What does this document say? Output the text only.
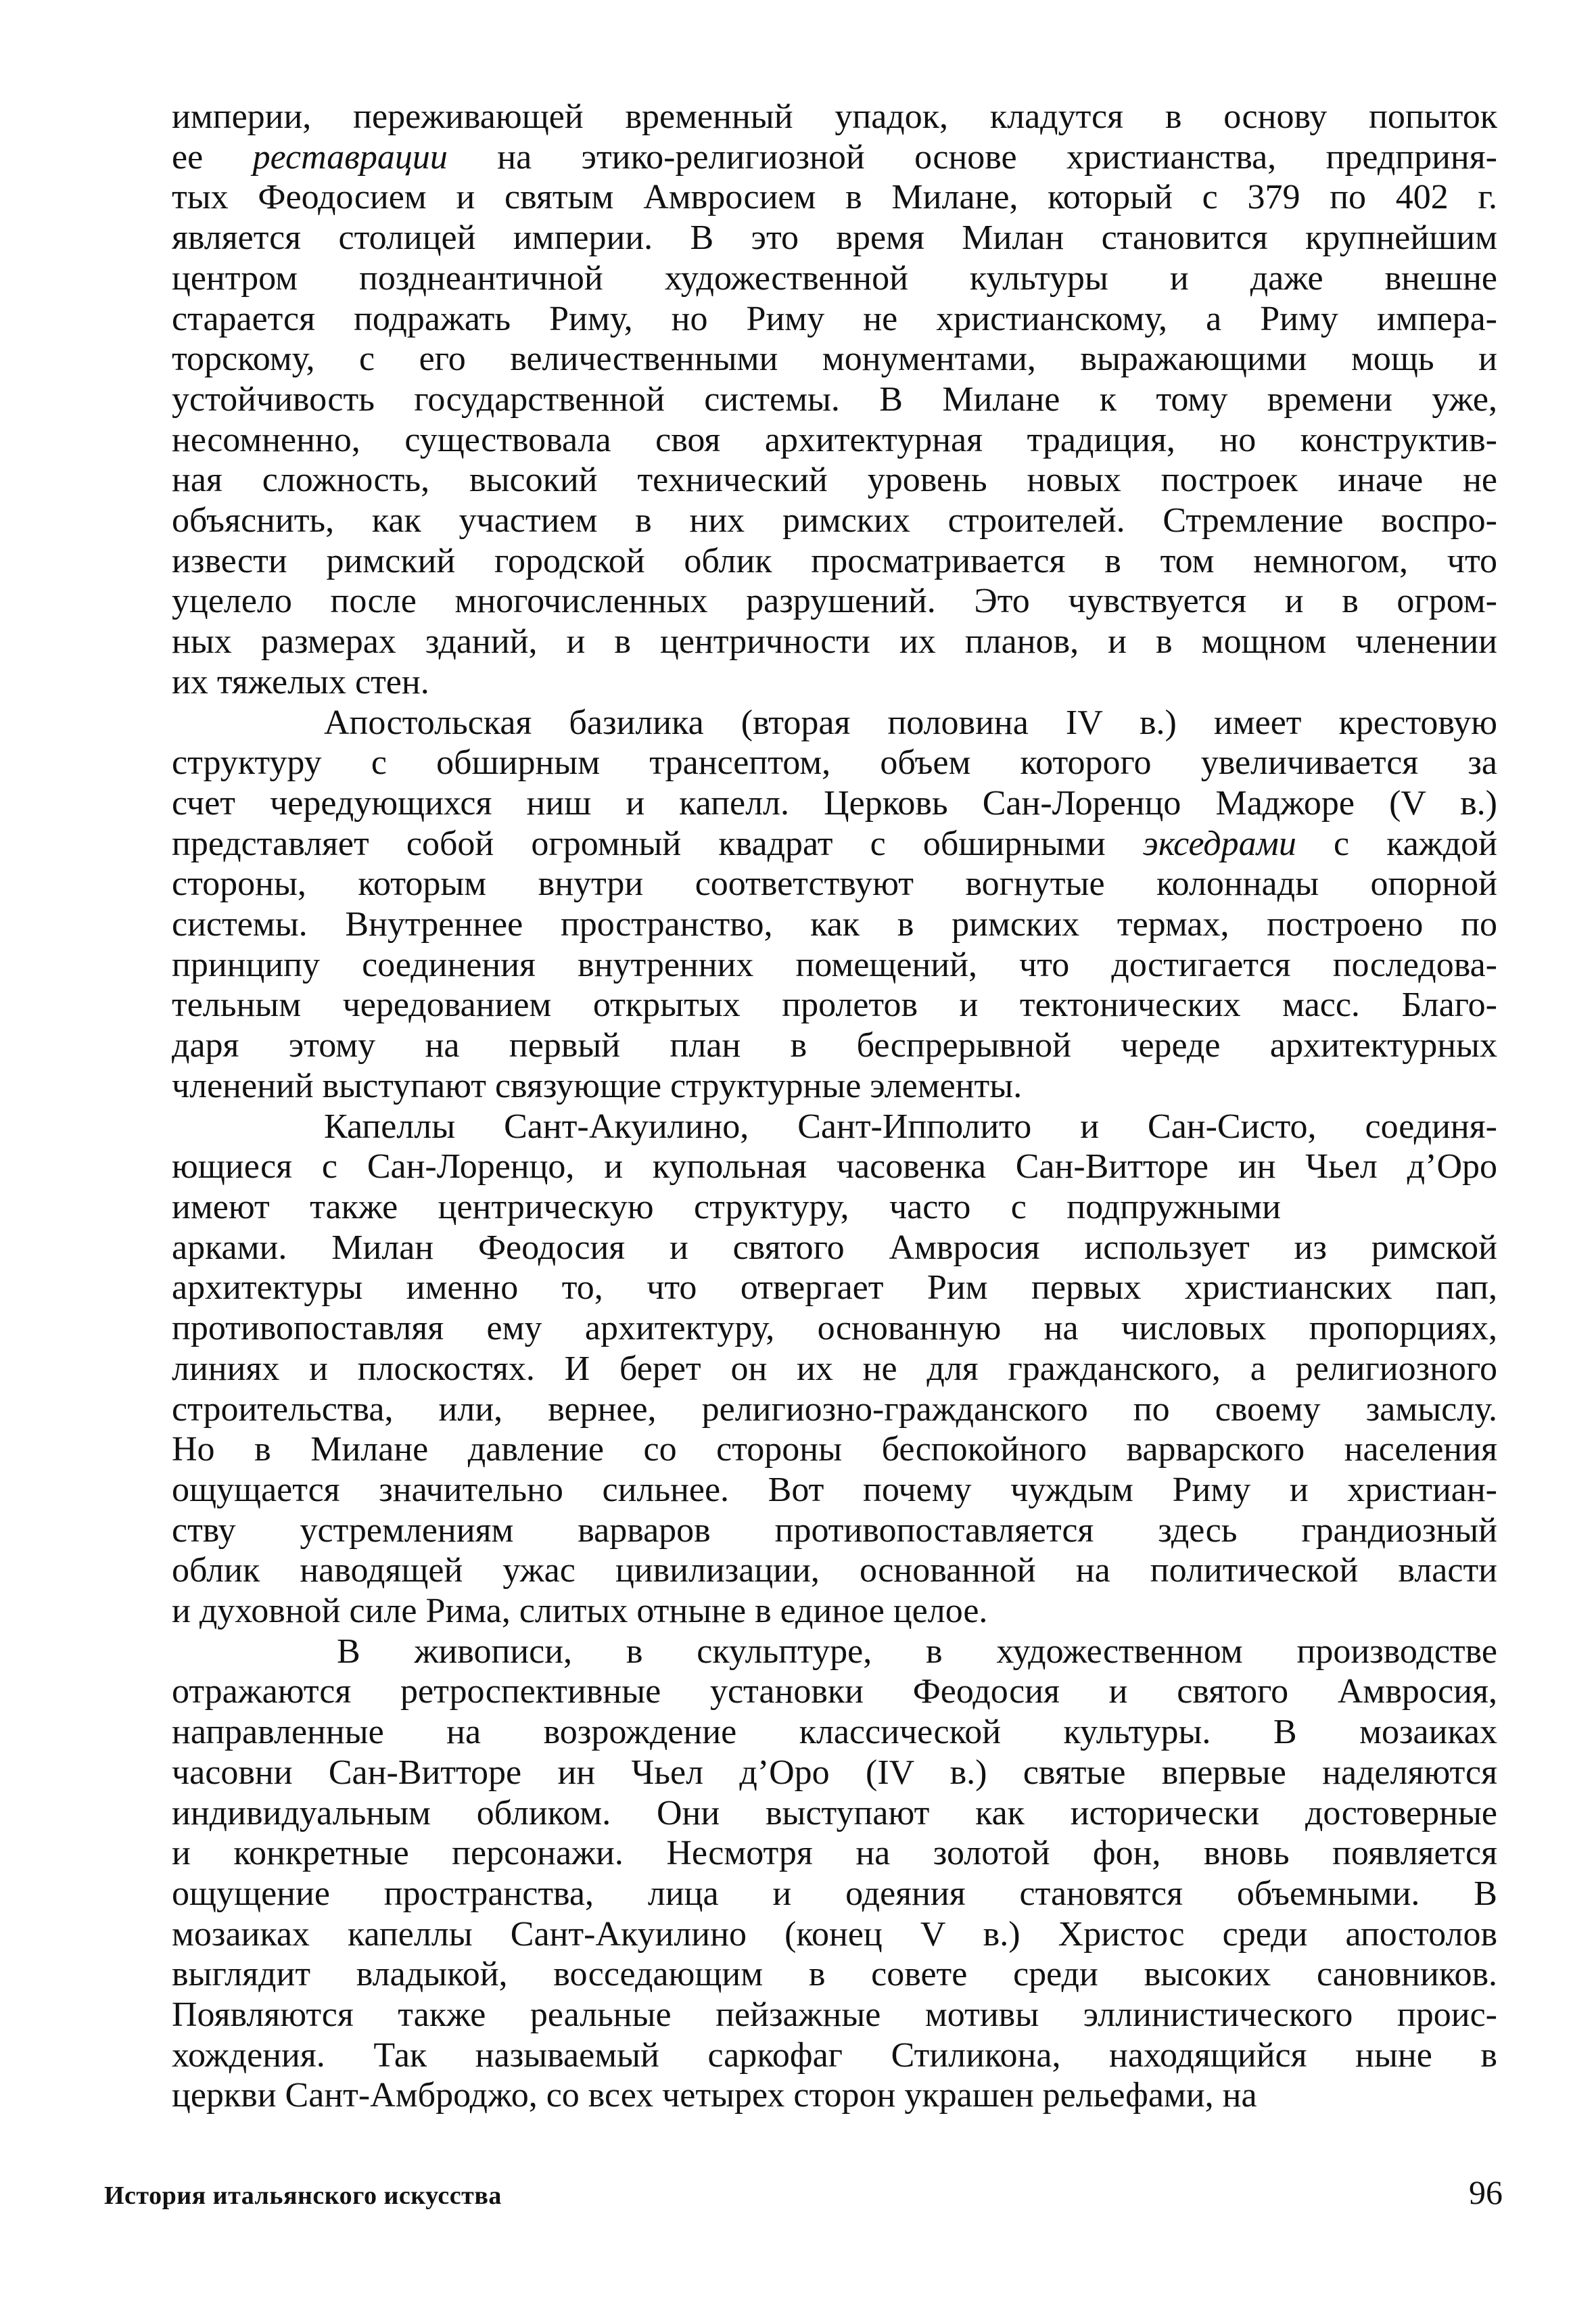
империи, переживающей временный упадок, кладутся в основу попыток
ее реставрации на этико-религиозной основе христианства, предприня-
тых Феодосием и святым Амвросием в Милане, который с 379 по 402 г.
является столицей империи. В это время Милан становится крупнейшим
центром позднеантичной художественной культуры и даже внешне
старается подражать Риму, но Риму не христианскому, а Риму импера-
торскому, с его величественными монументами, выражающими мощь и
устойчивость государственной системы. В Милане к тому времени уже,
несомненно, существовала своя архитектурная традиция, но конструктив-
ная сложность, высокий технический уровень новых построек иначе не
объяснить, как участием в них римских строителей. Стремление воспро-
извести римский городской облик просматривается в том немногом, что
уцелело после многочисленных разрушений. Это чувствуется и в огром-
ных размерах зданий, и в центричности их планов, и в мощном членении
их тяжелых стен.
Апостольская базилика (вторая половина IV в.) имеет крестовую
структуру с обширным трансептом, объем которого увеличивается за
счет чередующихся ниш и капелл. Церковь Сан-Лоренцо Маджоре (V в.)
представляет собой огромный квадрат с обширными экседрами с каждой
стороны, которым внутри соответствуют вогнутые колоннады опорной
системы. Внутреннее пространство, как в римских термах, построено по
принципу соединения внутренних помещений, что достигается последова-
тельным чередованием открытых пролетов и тектонических масс. Благо-
даря этому на первый план в беспрерывной череде архитектурных
членений выступают связующие структурные элементы.
Капеллы Сант-Акуилино, Сант-Ипполито и Сан-Систо, соединя-
ющиеся с Сан-Лоренцо, и купольная часовенка Сан-Витторе ин Чьел д’Оро
имеют также центрическую структуру, часто с подпружными
арками. Милан Феодосия и святого Амвросия использует из римской
архитектуры именно то, что отвергает Рим первых христианских пап,
противопоставляя ему архитектуру, основанную на числовых пропорциях,
линиях и плоскостях. И берет он их не для гражданского, а религиозного
строительства, или, вернее, религиозно-гражданского по своему замыслу.
Но в Милане давление со стороны беспокойного варварского населения
ощущается значительно сильнее. Вот почему чуждым Риму и христиан-
ству устремлениям варваров противопоставляется здесь грандиозный
облик наводящей ужас цивилизации, основанной на политической власти
и духовной силе Рима, слитых отныне в единое целое.
В живописи, в скульптуре, в художественном производстве
отражаются ретроспективные установки Феодосия и святого Амвросия,
направленные на возрождение классической культуры. В мозаиках
часовни Сан-Витторе ин Чьел д’Оро (IV в.) святые впервые наделяются
индивидуальным обликом. Они выступают как исторически достоверные
и конкретные персонажи. Несмотря на золотой фон, вновь появляется
ощущение пространства, лица и одеяния становятся объемными. В
мозаиках капеллы Сант-Акуилино (конец V в.) Христос среди апостолов
выглядит владыкой, восседающим в совете среди высоких сановников.
Появляются также реальные пейзажные мотивы эллинистического проис-
хождения. Так называемый саркофаг Стиликона, находящийся ныне в
церкви Сант-Амброджо, со всех четырех сторон украшен рельефами, на
История итальянского искусства	96
